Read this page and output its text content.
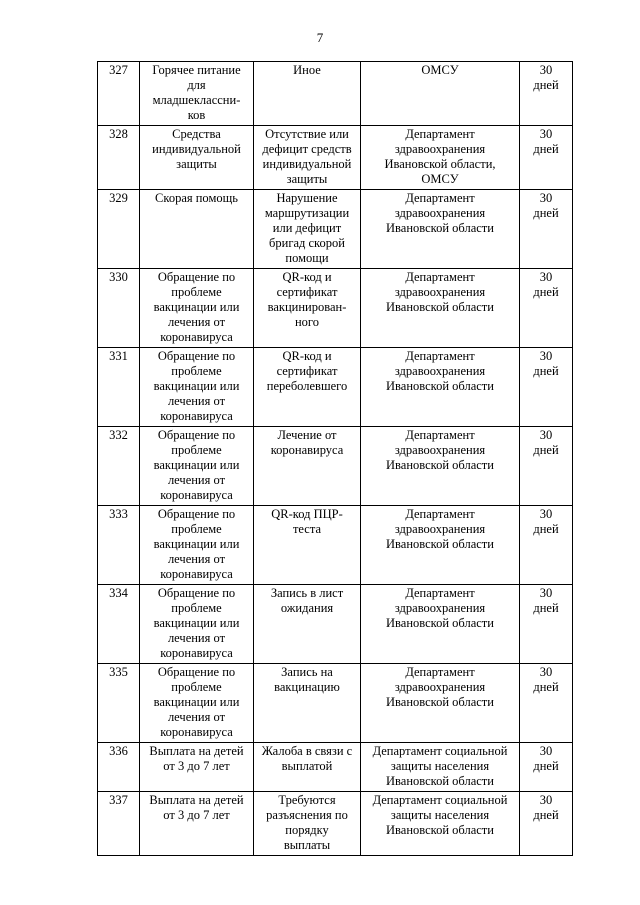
7
327	Горячее питание
для
младшеклассни-
ков	Иное	ОМСУ	30
дней

328	Средства
индивидуальной
защиты	Отсутствие или
дефицит средств
индивидуальной
защиты	Департамент
здравоохранения
Ивановской области,
ОМСУ	30
дней

329	Скорая помощь	Нарушение
маршрутизации
или дефицит
бригад скорой
помощи	Департамент
здравоохранения
Ивановской области	30
дней

330	Обращение по
проблеме
вакцинации или
лечения от
коронавируса	QR-код и
сертификат
вакцинирован-
ного	Департамент
здравоохранения
Ивановской области	30
дней

331	Обращение по
проблеме
вакцинации или
лечения от
коронавируса	QR-код и
сертификат
переболевшего	Департамент
здравоохранения
Ивановской области	30
дней

332	Обращение по
проблеме
вакцинации или
лечения от
коронавируса	Лечение от
коронавируса	Департамент
здравоохранения
Ивановской области	30
дней

333	Обращение по
проблеме
вакцинации или
лечения от
коронавируса	QR-код ПЦР-
теста	Департамент
здравоохранения
Ивановской области	30
дней

334	Обращение по
проблеме
вакцинации или
лечения от
коронавируса	Запись в лист
ожидания	Департамент
здравоохранения
Ивановской области	30
дней

335	Обращение по
проблеме
вакцинации или
лечения от
коронавируса	Запись на
вакцинацию	Департамент
здравоохранения
Ивановской области	30
дней

336	Выплата на детей
от 3 до 7 лет	Жалоба в связи с
выплатой	Департамент социальной
защиты населения
Ивановской области	30
дней

337	Выплата на детей
от 3 до 7 лет	Требуются
разъяснения по
порядку
выплаты	Департамент социальной
защиты населения
Ивановской области	30
дней
